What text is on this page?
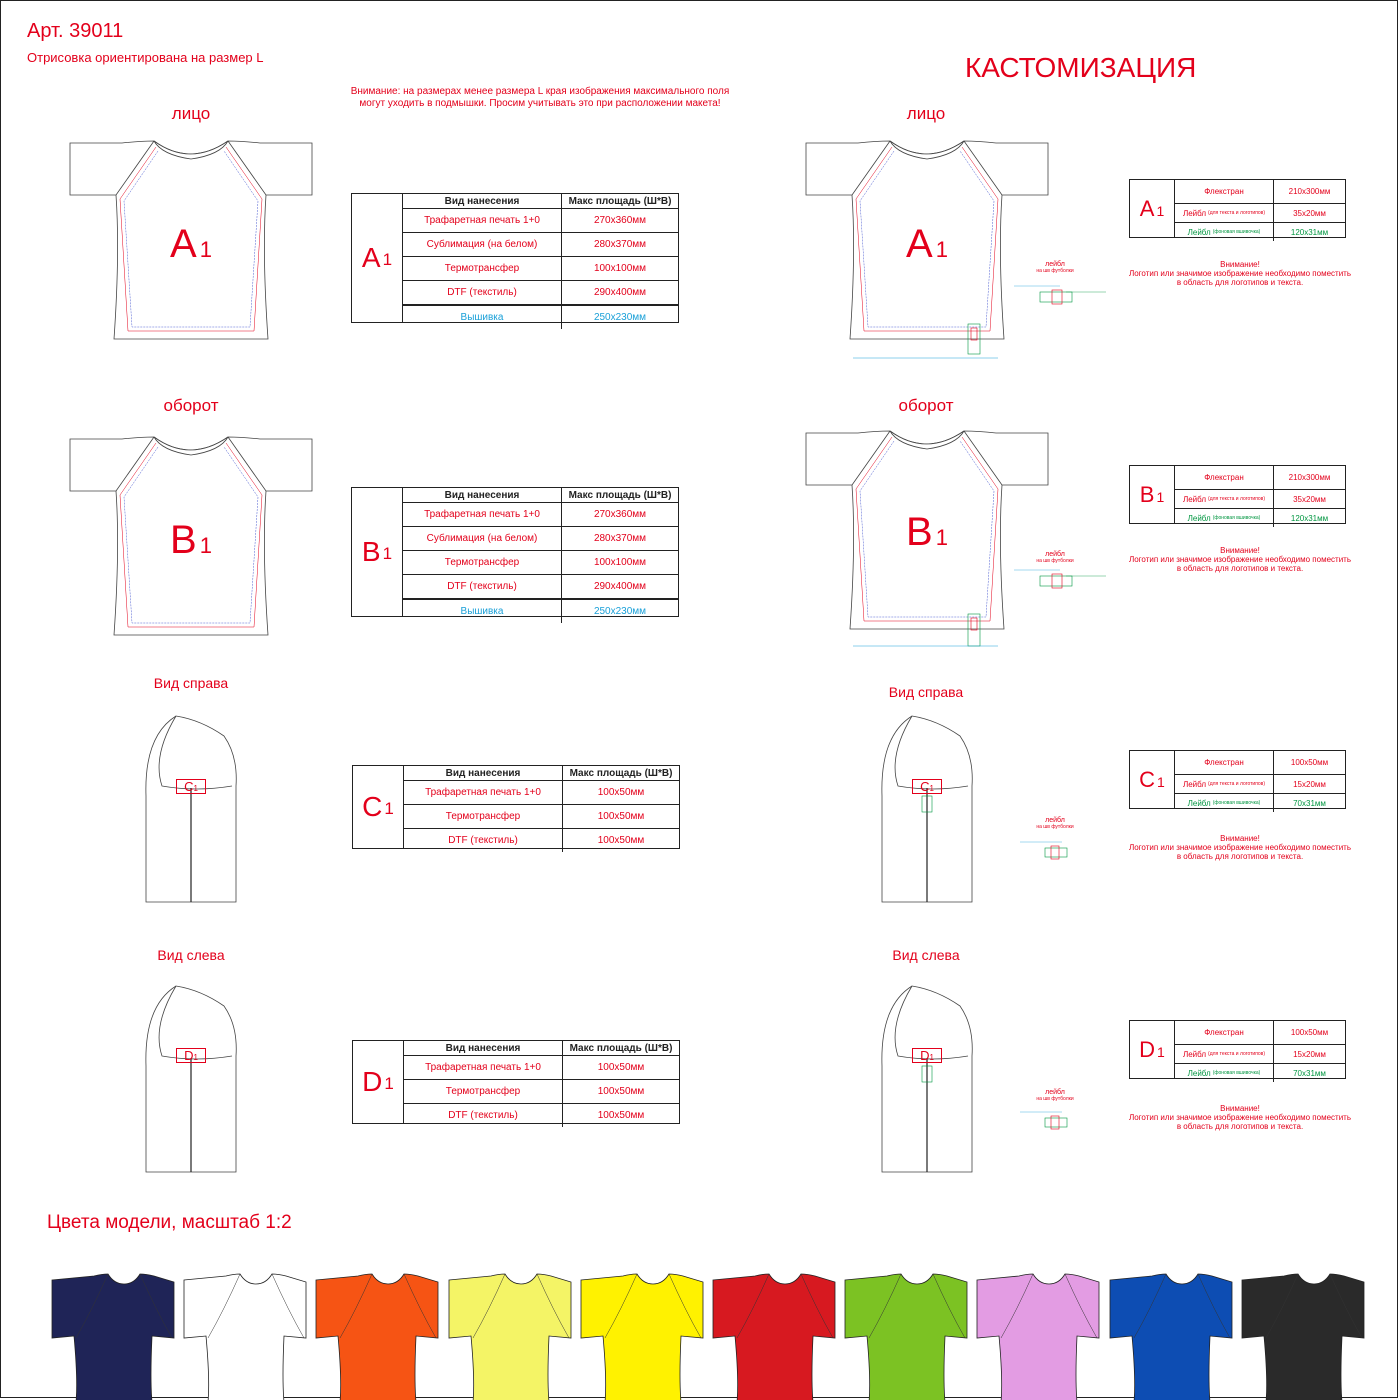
Арт. 39011
Отрисовка ориентирована на размер L
Внимание: на размерах менее размера L края изображения максимального поля
могут уходить в подмышки. Просим учитывать это при расположении макета!
КАСТОМИЗАЦИЯ
лицо
оборот
Вид справа
Вид слева
лицо
оборот
Вид справа
Вид слева
A 1
B 1
A 1
B 1
C1
D1
C1
D1
лейбл
на шв футболки
лейбл
на шв футболки
лейбл
на шв футболки
лейбл
на шв футболки
$A_1$
Вид нанесения	Макс площадь (Ш*В)
Трафаретная печать 1+0	270x360мм
Сублимация (на белом)	280x370мм
Термотрансфер	100x100мм
DTF (текстиль)	290x400мм
Вышивка	250x230мм
$B_1$
Вид нанесения	Макс площадь (Ш*В)
Трафаретная печать 1+0	270x360мм
Сублимация (на белом)	280x370мм
Термотрансфер	100x100мм
DTF (текстиль)	290x400мм
Вышивка	250x230мм
$C_1$
Вид нанесения	Макс площадь (Ш*В)
Трафаретная печать 1+0	100x50мм
Термотрансфер	100x50мм
DTF (текстиль)	100x50мм
$D_1$
Вид нанесения	Макс площадь (Ш*В)
Трафаретная печать 1+0	100x50мм
Термотрансфер	100x50мм
DTF (текстиль)	100x50мм
$A_1$
Флекстран	210x300мм
Лейбл (для текста и логотипов)	35x20мм
Лейбл (фоновая вшивочка)	120x31мм
Внимание!
Логотип или значимое изображение необходимо поместить
в область для логотипов и текста.
$B_1$
Флекстран	210x300мм
Лейбл (для текста и логотипов)	35x20мм
Лейбл (фоновая вшивочка)	120x31мм
Внимание!
Логотип или значимое изображение необходимо поместить
в область для логотипов и текста.
$C_1$
Флекстран	100x50мм
Лейбл (для текста и логотипов)	15x20мм
Лейбл (фоновая вшивочка)	70x31мм
Внимание!
Логотип или значимое изображение необходимо поместить
в область для логотипов и текста.
$D_1$
Флекстран	100x50мм
Лейбл (для текста и логотипов)	15x20мм
Лейбл (фоновая вшивочка)	70x31мм
Внимание!
Логотип или значимое изображение необходимо поместить
в область для логотипов и текста.
Цвета модели, масштаб 1:2
